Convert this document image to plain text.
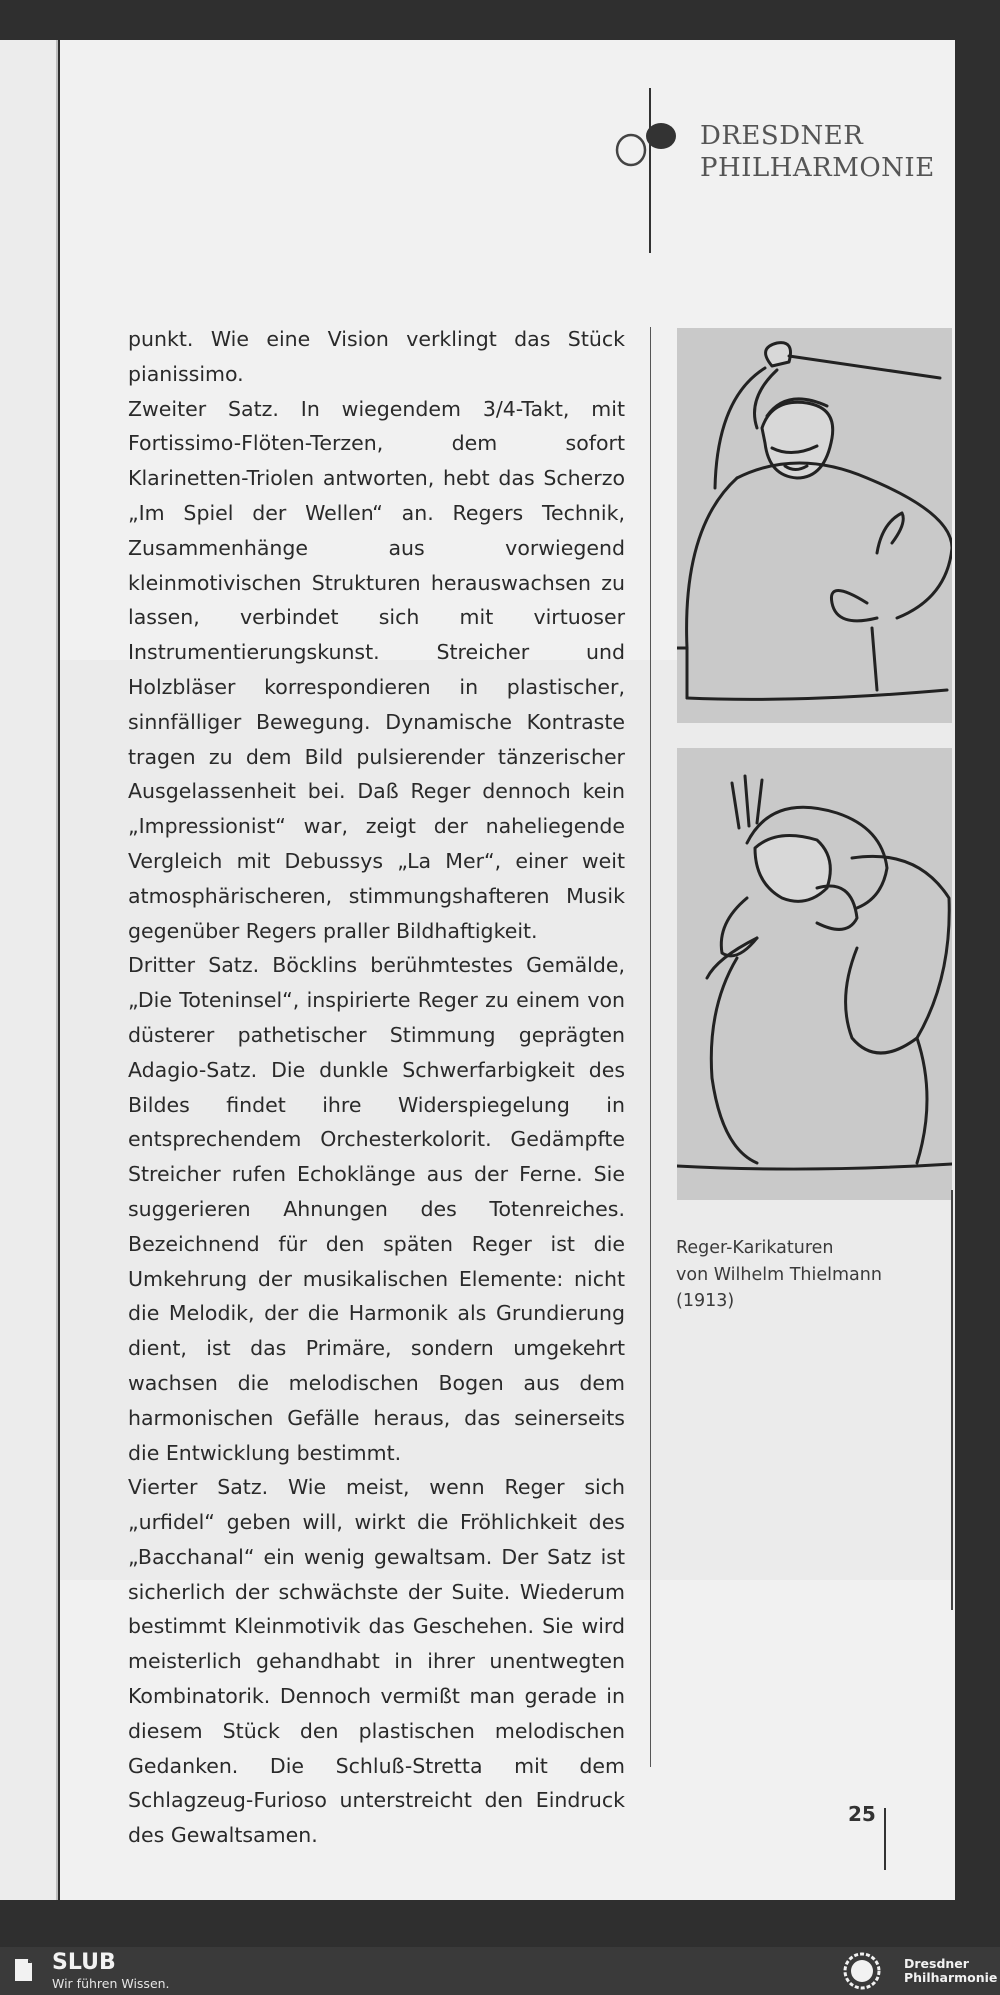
DRESDNER
PHILHARMONIE

punkt. Wie eine Vision verklingt das Stück pianissimo.

Zweiter Satz. In wiegendem 3/4-Takt, mit Fortissimo-Flöten-Terzen, dem sofort Klarinetten-Triolen antworten, hebt das Scherzo „Im Spiel der Wellen“ an. Regers Technik, Zusammenhänge aus vorwiegend kleinmotivischen Strukturen herauswachsen zu lassen, verbindet sich mit virtuoser Instrumentierungskunst. Streicher und Holzbläser korrespondieren in plastischer, sinnfälliger Bewegung. Dynamische Kontraste tragen zu dem Bild pulsierender tänzerischer Ausgelassenheit bei. Daß Reger dennoch kein „Impressionist“ war, zeigt der naheliegende Vergleich mit Debussys „La Mer“, einer weit atmosphärischeren, stimmungshafteren Musik gegenüber Regers praller Bildhaftigkeit.

Dritter Satz. Böcklins berühmtestes Gemälde, „Die Toteninsel“, inspirierte Reger zu einem von düsterer pathetischer Stimmung geprägten Adagio-Satz. Die dunkle Schwerfarbigkeit des Bildes findet ihre Widerspiegelung in entsprechendem Orchesterkolorit. Gedämpfte Streicher rufen Echoklänge aus der Ferne. Sie suggerieren Ahnungen des Totenreiches. Bezeichnend für den späten Reger ist die Umkehrung der musikalischen Elemente: nicht die Melodik, der die Harmonik als Grundierung dient, ist das Primäre, sondern umgekehrt wachsen die melodischen Bogen aus dem harmonischen Gefälle heraus, das seinerseits die Entwicklung bestimmt.

Vierter Satz. Wie meist, wenn Reger sich „urfidel“ geben will, wirkt die Fröhlichkeit des „Bacchanal“ ein wenig gewaltsam. Der Satz ist sicherlich der schwächste der Suite. Wiederum bestimmt Kleinmotivik das Geschehen. Sie wird meisterlich gehandhabt in ihrer unentwegten Kombinatorik. Dennoch vermißt man gerade in diesem Stück den plastischen melodischen Gedanken. Die Schluß-Stretta mit dem Schlagzeug-Furioso unterstreicht den Eindruck des Gewaltsamen.

Reger-Karikaturen
von Wilhelm Thielmann
(1913)
25
SLUB
Wir führen Wissen.
Dresdner
Philharmonie
